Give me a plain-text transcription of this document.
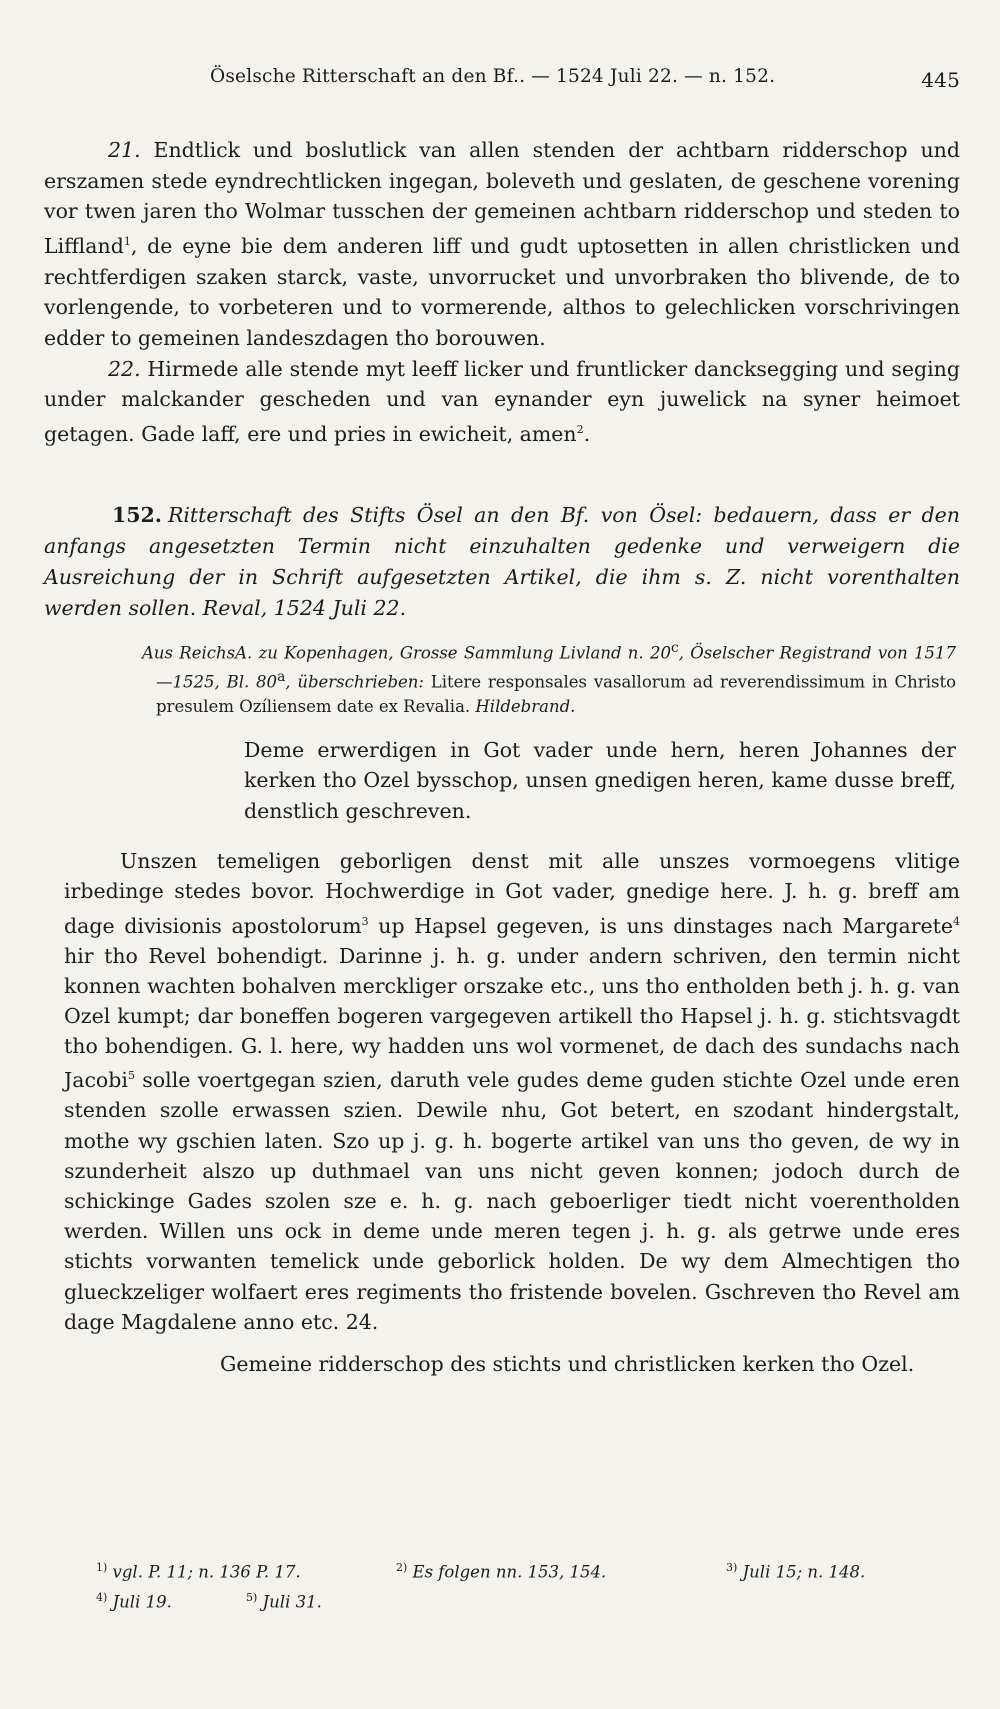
Öselsche Ritterschaft an den Bf.. — 1524 Juli 22. — n. 152.	445

21. Endtlick und boslutlick van allen stenden der achtbarn ridderschop und erszamen stede eyndrechtlicken ingegan, boleveth und geslaten, de geschene vorening vor twen jaren tho Wolmar tusschen der gemeinen achtbarn ridderschop und steden to Liffland$^1$, de eyne bie dem anderen liff und gudt uptosetten in allen christlicken und rechtferdigen szaken starck, vaste, unvorrucket und unvorbraken tho blivende, de to vorlengende, to vorbeteren und to vormerende, althos to gelechlicken vorschrivingen edder to gemeinen landeszdagen tho borouwen.

22. Hirmede alle stende myt leeff licker und fruntlicker dancksegging und seging under malckander gescheden und van eynander eyn juwelick na syner heimoet getagen. Gade laff, ere und pries in ewicheit, amen$^2$.

152. Ritterschaft des Stifts Ösel an den Bf. von Ösel: bedauern, dass er den anfangs angesetzten Termin nicht einzuhalten gedenke und verweigern die Ausreichung der in Schrift aufgesetzten Artikel, die ihm s. Z. nicht vorenthalten werden sollen. Reval, 1524 Juli 22.
Aus ReichsA. zu Kopenhagen, Grosse Sammlung Livland n. 20$^c$, Öselscher Registrand von 1517—1525, Bl. 80$^a$, überschrieben: Litere responsales vasallorum ad reverendissimum in Christo presulem Ozíliensem date ex Revalia. Hildebrand.
Deme erwerdigen in Got vader unde hern, heren Johannes der kerken tho Ozel bysschop, unsen gnedigen heren, kame dusse breff, denstlich geschreven.

Unszen temeligen geborligen denst mit alle unszes vormoegens vlitige irbedinge stedes bovor. Hochwerdige in Got vader, gnedige here. J. h. g. breff am dage divisionis apostolorum$^3$ up Hapsel gegeven, is uns dinstages nach Margarete$^4$ hir tho Revel bohendigt. Darinne j. h. g. under andern schriven, den termin nicht konnen wachten bohalven merckliger orszake etc., uns tho entholden beth j. h. g. van Ozel kumpt; dar boneffen bogeren vargegeven artikell tho Hapsel j. h. g. stichtsvagdt tho bohendigen. G. l. here, wy hadden uns wol vormenet, de dach des sundachs nach Jacobi$^5$ solle voertgegan szien, daruth vele gudes deme guden stichte Ozel unde eren stenden szolle erwassen szien. Dewile nhu, Got betert, en szodant hindergstalt, mothe wy gschien laten. Szo up j. g. h. bogerte artikel van uns tho geven, de wy in szunderheit alszo up duthmael van uns nicht geven konnen; jodoch durch de schickinge Gades szolen sze e. h. g. nach geboerliger tiedt nicht voerentholden werden. Willen uns ock in deme unde meren tegen j. h. g. als getrwe unde eres stichts vorwanten temelick unde geborlick holden. De wy dem Almechtigen tho glueckzeliger wolfaert eres regiments tho fristende bovelen. Gschreven tho Revel am dage Magdalene anno etc. 24.

Gemeine ridderschop des stichts und christlicken kerken tho Ozel.
$^{1)}$ vgl. P. 11; n. 136 P. 17.	$^{2)}$ Es folgen nn. 153, 154.	$^{3)}$ Juli 15; n. 148.
$^{4)}$ Juli 19.	$^{5)}$ Juli 31.
